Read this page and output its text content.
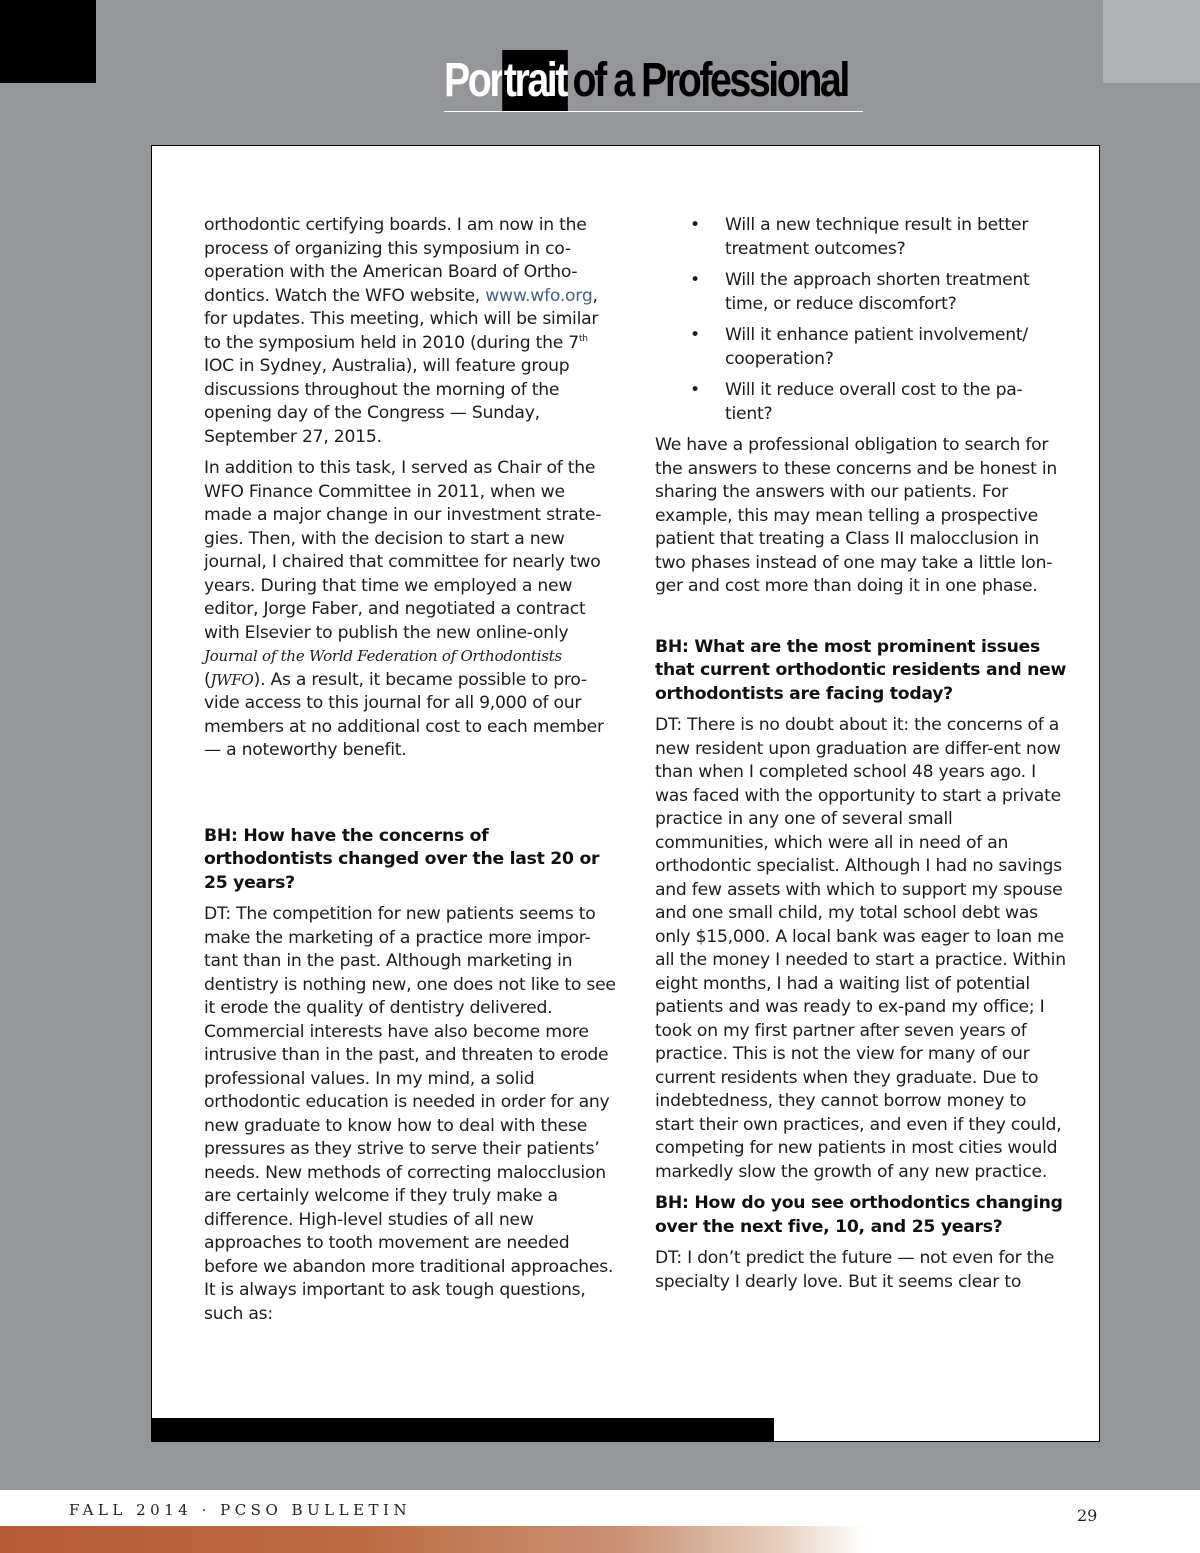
Por trait of a Professional

orthodontic certifying boards. I am now in the process of organizing this symposium in co-operation with the American Board of Ortho-dontics. Watch the WFO website, www.wfo.org, for updates. This meeting, which will be similar to the symposium held in 2010 (during the 7th IOC in Sydney, Australia), will feature group discussions throughout the morning of the opening day of the Congress — Sunday, September 27, 2015.

In addition to this task, I served as Chair of the WFO Finance Committee in 2011, when we made a major change in our investment strate-gies. Then, with the decision to start a new journal, I chaired that committee for nearly two years. During that time we employed a new editor, Jorge Faber, and negotiated a contract with Elsevier to publish the new online-only Journal of the World Federation of Orthodontists (JWFO). As a result, it became possible to pro-vide access to this journal for all 9,000 of our members at no additional cost to each member — a noteworthy benefit.

BH: How have the concerns of orthodontists changed over the last 20 or 25 years?

DT: The competition for new patients seems to make the marketing of a practice more impor-tant than in the past. Although marketing in dentistry is nothing new, one does not like to see it erode the quality of dentistry delivered. Commercial interests have also become more intrusive than in the past, and threaten to erode professional values. In my mind, a solid orthodontic education is needed in order for any new graduate to know how to deal with these pressures as they strive to serve their patients’ needs. New methods of correcting malocclusion are certainly welcome if they truly make a difference. High-level studies of all new approaches to tooth movement are needed before we abandon more traditional approaches. It is always important to ask tough questions, such as:

• Will a new technique result in better treatment outcomes?
• Will the approach shorten treatment time, or reduce discomfort?
• Will it enhance patient involvement/ cooperation?
• Will it reduce overall cost to the pa-tient?

We have a professional obligation to search for the answers to these concerns and be honest in sharing the answers with our patients. For example, this may mean telling a prospective patient that treating a Class II malocclusion in two phases instead of one may take a little lon-ger and cost more than doing it in one phase.

BH: What are the most prominent issues that current orthodontic residents and new orthodontists are facing today?

DT: There is no doubt about it: the concerns of a new resident upon graduation are differ-ent now than when I completed school 48 years ago. I was faced with the opportunity to start a private practice in any one of several small communities, which were all in need of an orthodontic specialist. Although I had no savings and few assets with which to support my spouse and one small child, my total school debt was only $15,000. A local bank was eager to loan me all the money I needed to start a practice. Within eight months, I had a waiting list of potential patients and was ready to ex-pand my office; I took on my first partner after seven years of practice. This is not the view for many of our current residents when they graduate. Due to indebtedness, they cannot borrow money to start their own practices, and even if they could, competing for new patients in most cities would markedly slow the growth of any new practice.

BH: How do you see orthodontics changing over the next five, 10, and 25 years?

DT: I don’t predict the future — not even for the specialty I dearly love. But it seems clear to

FALL 2014 · PCSO BULLETIN	29
